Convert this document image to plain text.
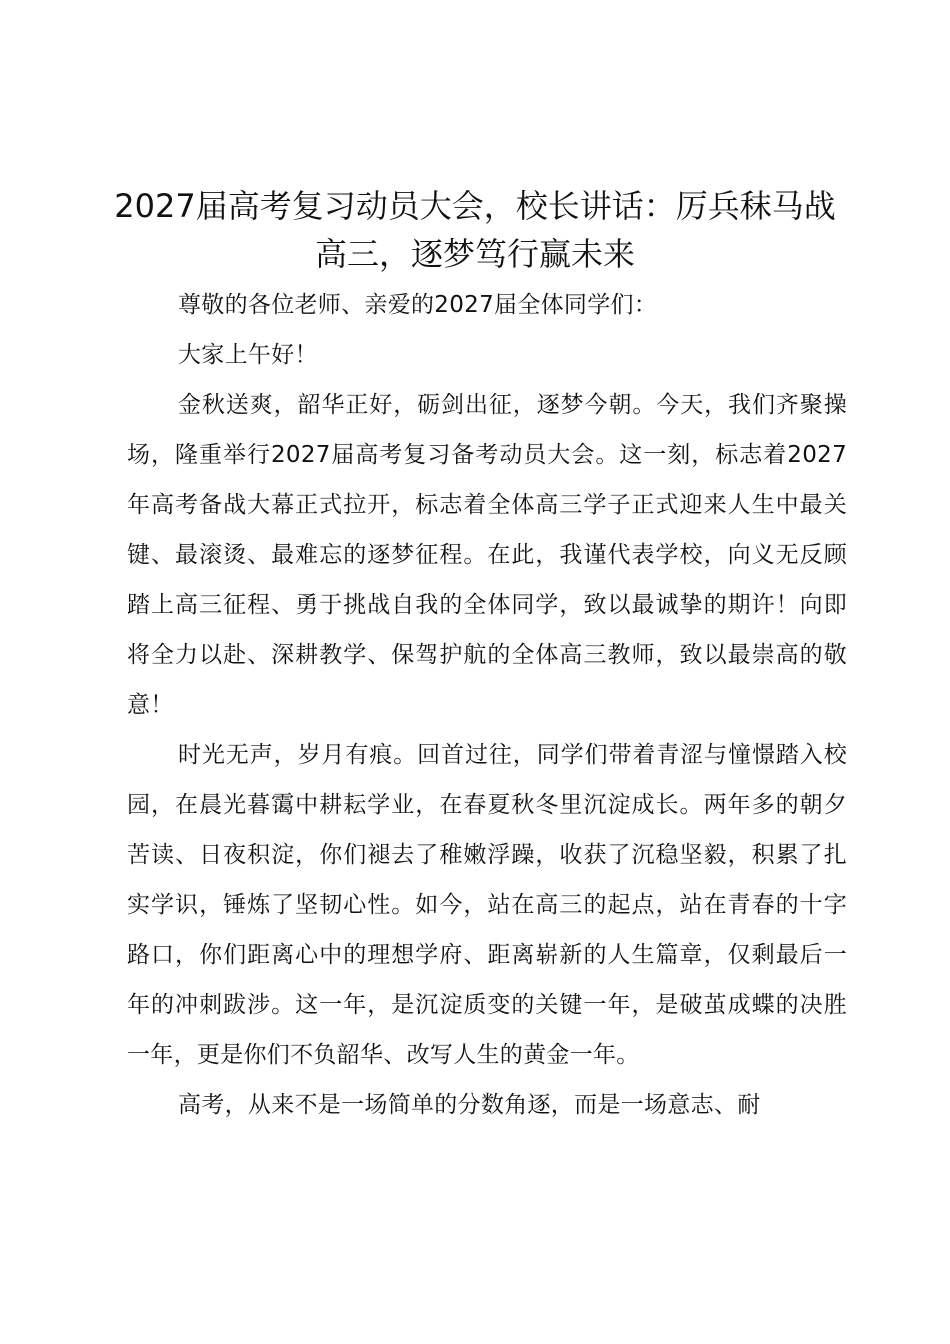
2027届高考复习动员大会，校长讲话：厉兵秣马战高三，逐梦笃行赢未来

尊敬的各位老师、亲爱的2027届全体同学们：

大家上午好！

金秋送爽，韶华正好，砺剑出征，逐梦今朝。今天，我们齐聚操场，隆重举行2027届高考复习备考动员大会。这一刻，标志着2027年高考备战大幕正式拉开，标志着全体高三学子正式迎来人生中最关键、最滚烫、最难忘的逐梦征程。在此，我谨代表学校，向义无反顾踏上高三征程、勇于挑战自我的全体同学，致以最诚挚的期许！向即将全力以赴、深耕教学、保驾护航的全体高三教师，致以最崇高的敬意！

时光无声，岁月有痕。回首过往，同学们带着青涩与憧憬踏入校园，在晨光暮霭中耕耘学业，在春夏秋冬里沉淀成长。两年多的朝夕苦读、日夜积淀，你们褪去了稚嫩浮躁，收获了沉稳坚毅，积累了扎实学识，锤炼了坚韧心性。如今，站在高三的起点，站在青春的十字路口，你们距离心中的理想学府、距离崭新的人生篇章，仅剩最后一年的冲刺跋涉。这一年，是沉淀质变的关键一年，是破茧成蝶的决胜一年，更是你们不负韶华、改写人生的黄金一年。

高考，从来不是一场简单的分数角逐，而是一场意志、耐
